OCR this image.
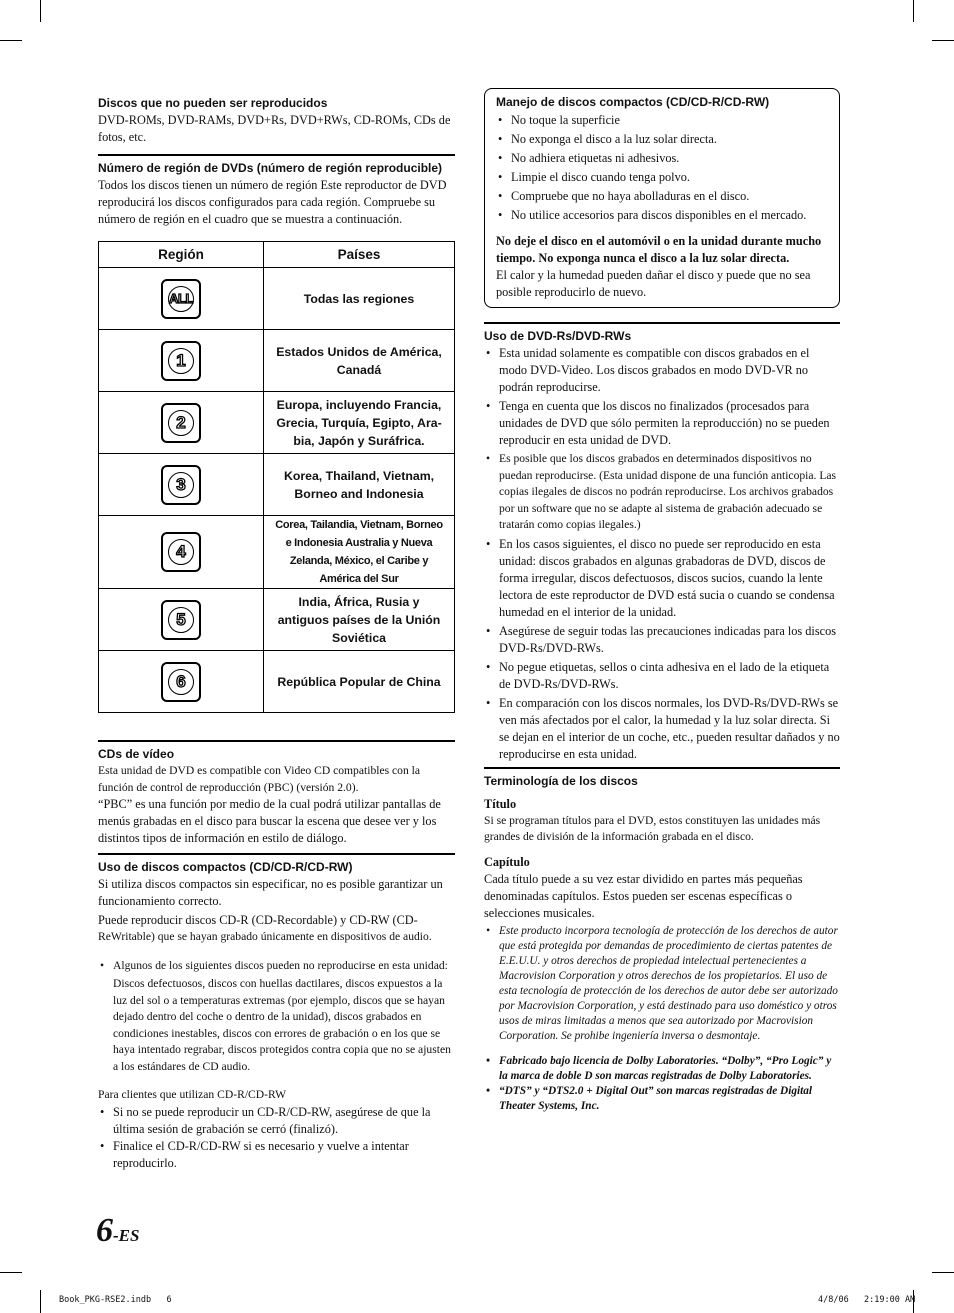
Discos que no pueden ser reproducidos

DVD-ROMs, DVD-RAMs, DVD+Rs, DVD+RWs, CD-ROMs, CDs de fotos, etc.

Número de región de DVDs (número de región reproducible)

Todos los discos tienen un número de región Este reproductor de DVD reproducirá los discos configurados para cada región. Compruebe su número de región en el cuadro que se muestra a continuación.

Región	Países

ALL	Todas las regiones

1	Estados Unidos de América, Canadá

2	Europa, incluyendo Francia, Grecia, Turquía, Egipto, Ara-bia, Japón y Suráfrica.

3	Korea, Thailand, Vietnam, Borneo and Indonesia

4	Corea, Tailandia, Vietnam, Borneo e Indonesia Australia y Nueva Zelanda, México, el Caribe y América del Sur

5	India, África, Rusia y antiguos países de la Unión Soviética

6	República Popular de China
CDs de vídeo

Esta unidad de DVD es compatible con Video CD compatibles con la función de control de reproducción (PBC) (versión 2.0).

“PBC” es una función por medio de la cual podrá utilizar pantallas de menús grabadas en el disco para buscar la escena que desee ver y los distintos tipos de información en estilo de diálogo.

Uso de discos compactos (CD/CD-R/CD-RW)

Si utiliza discos compactos sin especificar, no es posible garantizar un funcionamiento correcto.

Puede reproducir discos CD-R (CD-Recordable) y CD-RW (CD-

ReWritable) que se hayan grabado únicamente en dispositivos de audio.

• Algunos de los siguientes discos pueden no reproducirse en esta unidad:

Discos defectuosos, discos con huellas dactilares, discos expuestos a la luz del sol o a temperaturas extremas (por ejemplo, discos que se hayan dejado dentro del coche o dentro de la unidad), discos grabados en condiciones inestables, discos con errores de grabación o en los que se haya intentado regrabar, discos protegidos contra copia que no se ajusten a los estándares de CD audio.

Para clientes que utilizan CD-R/CD-RW

• Si no se puede reproducir un CD-R/CD-RW, asegúrese de que la última sesión de grabación se cerró (finalizó).
• Finalice el CD-R/CD-RW si es necesario y vuelve a intentar reproducirlo.
Manejo de discos compactos (CD/CD-R/CD-RW)
• No toque la superficie
• No exponga el disco a la luz solar directa.
• No adhiera etiquetas ni adhesivos.
• Limpie el disco cuando tenga polvo.
• Compruebe que no haya abolladuras en el disco.
• No utilice accesorios para discos disponibles en el mercado.

No deje el disco en el automóvil o en la unidad durante mucho tiempo. No exponga nunca el disco a la luz solar directa.

El calor y la humedad pueden dañar el disco y puede que no sea posible reproducirlo de nuevo.

Uso de DVD-Rs/DVD-RWs
• Esta unidad solamente es compatible con discos grabados en el modo DVD-Video. Los discos grabados en modo DVD-VR no podrán reproducirse.
• Tenga en cuenta que los discos no finalizados (procesados para unidades de DVD que sólo permiten la reproducción) no se pueden reproducir en esta unidad de DVD.
• Es posible que los discos grabados en determinados dispositivos no puedan reproducirse. (Esta unidad dispone de una función anticopia. Las copias ilegales de discos no podrán reproducirse. Los archivos grabados por un software que no se adapte al sistema de grabación adecuado se tratarán como copias ilegales.)
• En los casos siguientes, el disco no puede ser reproducido en esta unidad: discos grabados en algunas grabadoras de DVD, discos de forma irregular, discos defectuosos, discos sucios, cuando la lente lectora de este reproductor de DVD está sucia o cuando se condensa humedad en el interior de la unidad.
• Asegúrese de seguir todas las precauciones indicadas para los discos DVD-Rs/DVD-RWs.
• No pegue etiquetas, sellos o cinta adhesiva en el lado de la etiqueta de DVD-Rs/DVD-RWs.
• En comparación con los discos normales, los DVD-Rs/DVD-RWs se ven más afectados por el calor, la humedad y la luz solar directa. Si se dejan en el interior de un coche, etc., pueden resultar dañados y no reproducirse en esta unidad.
Terminología de los discos

Título

Si se programan títulos para el DVD, estos constituyen las unidades más grandes de división de la información grabada en el disco.

Capítulo

Cada título puede a su vez estar dividido en partes más pequeñas denominadas capítulos. Estos pueden ser escenas específicas o selecciones musicales.

• Este producto incorpora tecnología de protección de los derechos de autor que está protegida por demandas de procedimiento de ciertas patentes de E.E.U.U. y otros derechos de propiedad intelectual pertenecientes a Macrovision Corporation y otros derechos de los propietarios. El uso de esta tecnología de protección de los derechos de autor debe ser autorizado por Macrovision Corporation, y está destinado para uso doméstico y otros usos de miras limitadas a menos que sea autorizado por Macrovision Corporation. Se prohibe ingeniería inversa o desmontaje.
• Fabricado bajo licencia de Dolby Laboratories. “Dolby”, “Pro Logic” y la marca de doble D son marcas registradas de Dolby Laboratories.
• “DTS” y “DTS2.0 + Digital Out” son marcas registradas de Digital Theater Systems, Inc.
6-ES
Book_PKG-RSE2.indb   6	4/8/06   2:19:00 AM
